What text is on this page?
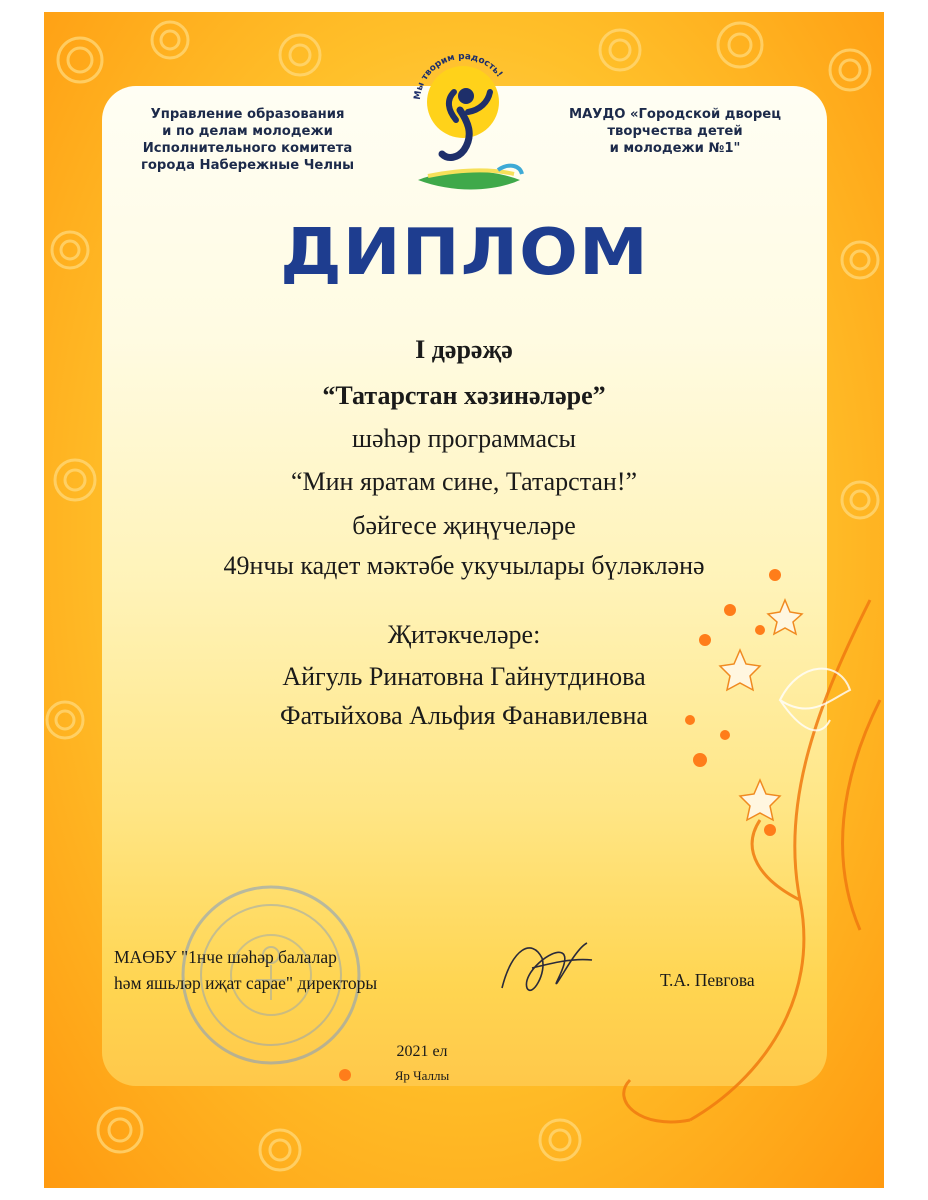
Управление образования
и по делам молодежи
Исполнительного комитета
города Набережные Челны
МАУДО «Городской дворец
творчества детей
и молодежи №1"
Мы творим радость!
ДИПЛОМ
I дәрәҗә
“Татарстан хәзинәләре”
шәһәр программасы
“Мин яратам сине, Татарстан!”
бәйгесе җиңүчеләре
49нчы кадет мәктәбе укучылары бүләкләнә
Җитәкчеләре:
Айгуль Ринатовна Гайнутдинова
Фатыйхова Альфия Фанавилевна
МАӨБУ "1нче шәһәр балалар
һәм яшьләр иҗат сарае" директоры	Т.А. Певгова
2021 ел
Яр Чаллы
